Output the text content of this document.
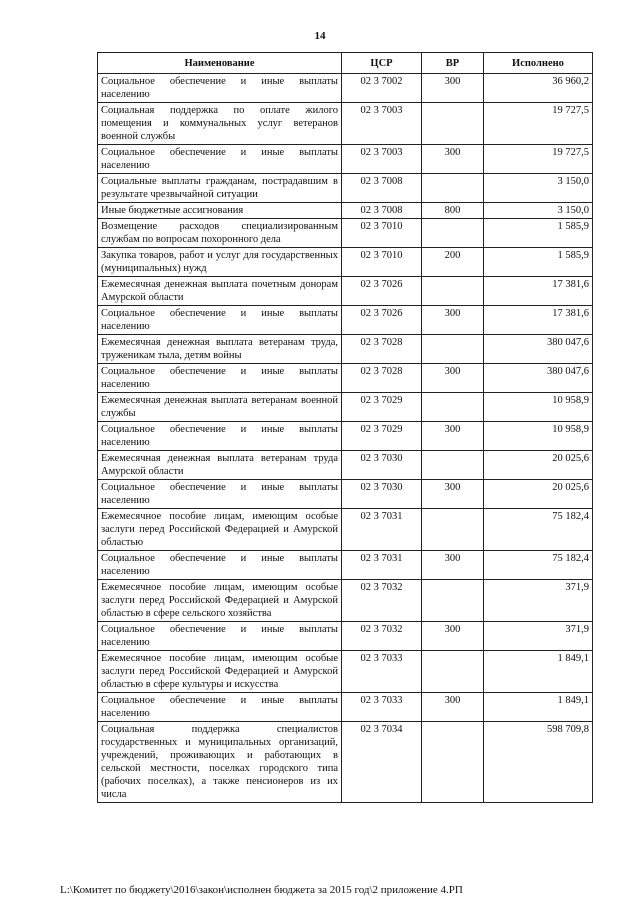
14
Наименование	ЦСР	ВР	Исполнено
Социальное обеспечение и иные выплаты населению	02 3 7002	300	36 960,2
Социальная поддержка по оплате жилого помещения и коммунальных услуг ветеранов военной службы	02 3 7003		19 727,5
Социальное обеспечение и иные выплаты населению	02 3 7003	300	19 727,5
Социальные выплаты гражданам, пострадавшим в результате чрезвычайной ситуации	02 3 7008		3 150,0
Иные бюджетные ассигнования	02 3 7008	800	3 150,0
Возмещение расходов специализированным службам по вопросам похоронного дела	02 3 7010		1 585,9
Закупка товаров, работ и услуг для государственных (муниципальных) нужд	02 3 7010	200	1 585,9
Ежемесячная денежная выплата почетным донорам Амурской области	02 3 7026		17 381,6
Социальное обеспечение и иные выплаты населению	02 3 7026	300	17 381,6
Ежемесячная денежная выплата ветеранам труда, труженикам тыла, детям войны	02 3 7028		380 047,6
Социальное обеспечение и иные выплаты населению	02 3 7028	300	380 047,6
Ежемесячная денежная выплата ветеранам военной службы	02 3 7029		10 958,9
Социальное обеспечение и иные выплаты населению	02 3 7029	300	10 958,9
Ежемесячная денежная выплата ветеранам труда Амурской области	02 3 7030		20 025,6
Социальное обеспечение и иные выплаты населению	02 3 7030	300	20 025,6
Ежемесячное пособие лицам, имеющим особые заслуги перед Российской Федерацией и Амурской областью	02 3 7031		75 182,4
Социальное обеспечение и иные выплаты населению	02 3 7031	300	75 182,4
Ежемесячное пособие лицам, имеющим особые заслуги перед Российской Федерацией и Амурской областью в сфере сельского хозяйства	02 3 7032		371,9
Социальное обеспечение и иные выплаты населению	02 3 7032	300	371,9
Ежемесячное пособие лицам, имеющим особые заслуги перед Российской Федерацией и Амурской областью в сфере культуры и искусства	02 3 7033		1 849,1
Социальное обеспечение и иные выплаты населению	02 3 7033	300	1 849,1
Социальная поддержка специалистов государственных и муниципальных организаций, учреждений, проживающих и работающих в сельской местности, поселках городского типа (рабочих поселках), а также пенсионеров из их числа	02 3 7034		598 709,8
L:\Комитет по бюджету\2016\закон\исполнен бюджета за 2015 год\2 приложение 4.РП
